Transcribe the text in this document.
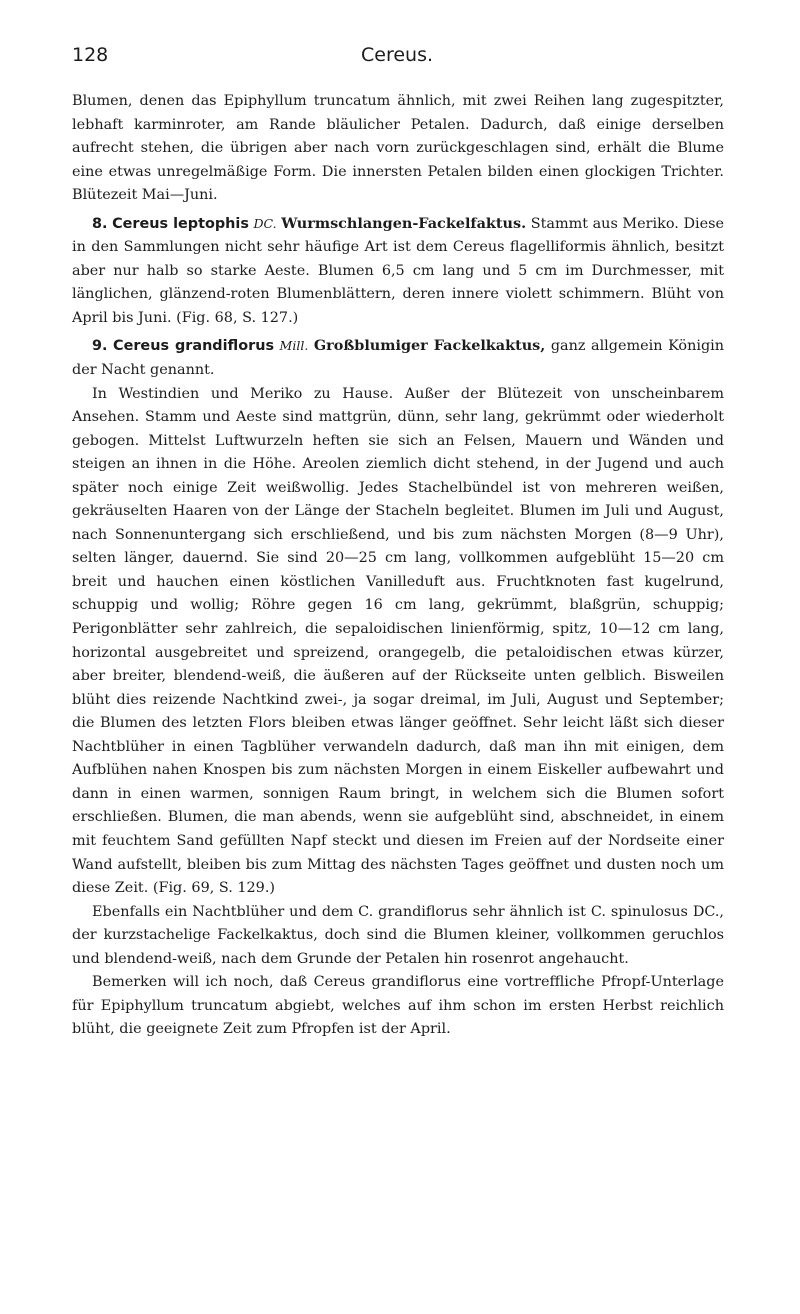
128	Cereus.

Blumen, denen das Epiphyllum truncatum ähnlich, mit zwei Reihen lang zugespitzter, lebhaft karminroter, am Rande bläulicher Petalen. Dadurch, daß einige derselben aufrecht stehen, die übrigen aber nach vorn zurückgeschlagen sind, erhält die Blume eine etwas unregelmäßige Form. Die innersten Petalen bilden einen glockigen Trichter. Blütezeit Mai—Juni.

8. Cereus leptophis DC. Wurmschlangen-Fackelfaktus. Stammt aus Meriko. Diese in den Sammlungen nicht sehr häufige Art ist dem Cereus flagelliformis ähnlich, besitzt aber nur halb so starke Aeste. Blumen 6,5 cm lang und 5 cm im Durchmesser, mit länglichen, glänzend-roten Blumenblättern, deren innere violett schimmern. Blüht von April bis Juni. (Fig. 68, S. 127.)

9. Cereus grandiflorus Mill. Großblumiger Fackelkaktus, ganz allgemein Königin der Nacht genannt.

In Westindien und Meriko zu Hause. Außer der Blütezeit von unscheinbarem Ansehen. Stamm und Aeste sind mattgrün, dünn, sehr lang, gekrümmt oder wiederholt gebogen. Mittelst Luftwurzeln heften sie sich an Felsen, Mauern und Wänden und steigen an ihnen in die Höhe. Areolen ziemlich dicht stehend, in der Jugend und auch später noch einige Zeit weißwollig. Jedes Stachelbündel ist von mehreren weißen, gekräuselten Haaren von der Länge der Stacheln begleitet. Blumen im Juli und August, nach Sonnenuntergang sich erschließend, und bis zum nächsten Morgen (8—9 Uhr), selten länger, dauernd. Sie sind 20—25 cm lang, vollkommen aufgeblüht 15—20 cm breit und hauchen einen köstlichen Vanilleduft aus. Fruchtknoten fast kugelrund, schuppig und wollig; Röhre gegen 16 cm lang, gekrümmt, blaßgrün, schuppig; Perigonblätter sehr zahlreich, die sepaloidischen linienförmig, spitz, 10—12 cm lang, horizontal ausgebreitet und spreizend, orangegelb, die petaloidischen etwas kürzer, aber breiter, blendend-weiß, die äußeren auf der Rückseite unten gelblich. Bisweilen blüht dies reizende Nachtkind zwei-, ja sogar dreimal, im Juli, August und September; die Blumen des letzten Flors bleiben etwas länger geöffnet. Sehr leicht läßt sich dieser Nachtblüher in einen Tagblüher verwandeln dadurch, daß man ihn mit einigen, dem Aufblühen nahen Knospen bis zum nächsten Morgen in einem Eiskeller aufbewahrt und dann in einen warmen, sonnigen Raum bringt, in welchem sich die Blumen sofort erschließen. Blumen, die man abends, wenn sie aufgeblüht sind, abschneidet, in einem mit feuchtem Sand gefüllten Napf steckt und diesen im Freien auf der Nordseite einer Wand aufstellt, bleiben bis zum Mittag des nächsten Tages geöffnet und dusten noch um diese Zeit. (Fig. 69, S. 129.)

Ebenfalls ein Nachtblüher und dem C. grandiflorus sehr ähnlich ist C. spinulosus DC., der kurzstachelige Fackelkaktus, doch sind die Blumen kleiner, vollkommen geruchlos und blendend-weiß, nach dem Grunde der Petalen hin rosenrot angehaucht.

Bemerken will ich noch, daß Cereus grandiflorus eine vortreffliche Pfropf-Unterlage für Epiphyllum truncatum abgiebt, welches auf ihm schon im ersten Herbst reichlich blüht, die geeignete Zeit zum Pfropfen ist der April.
